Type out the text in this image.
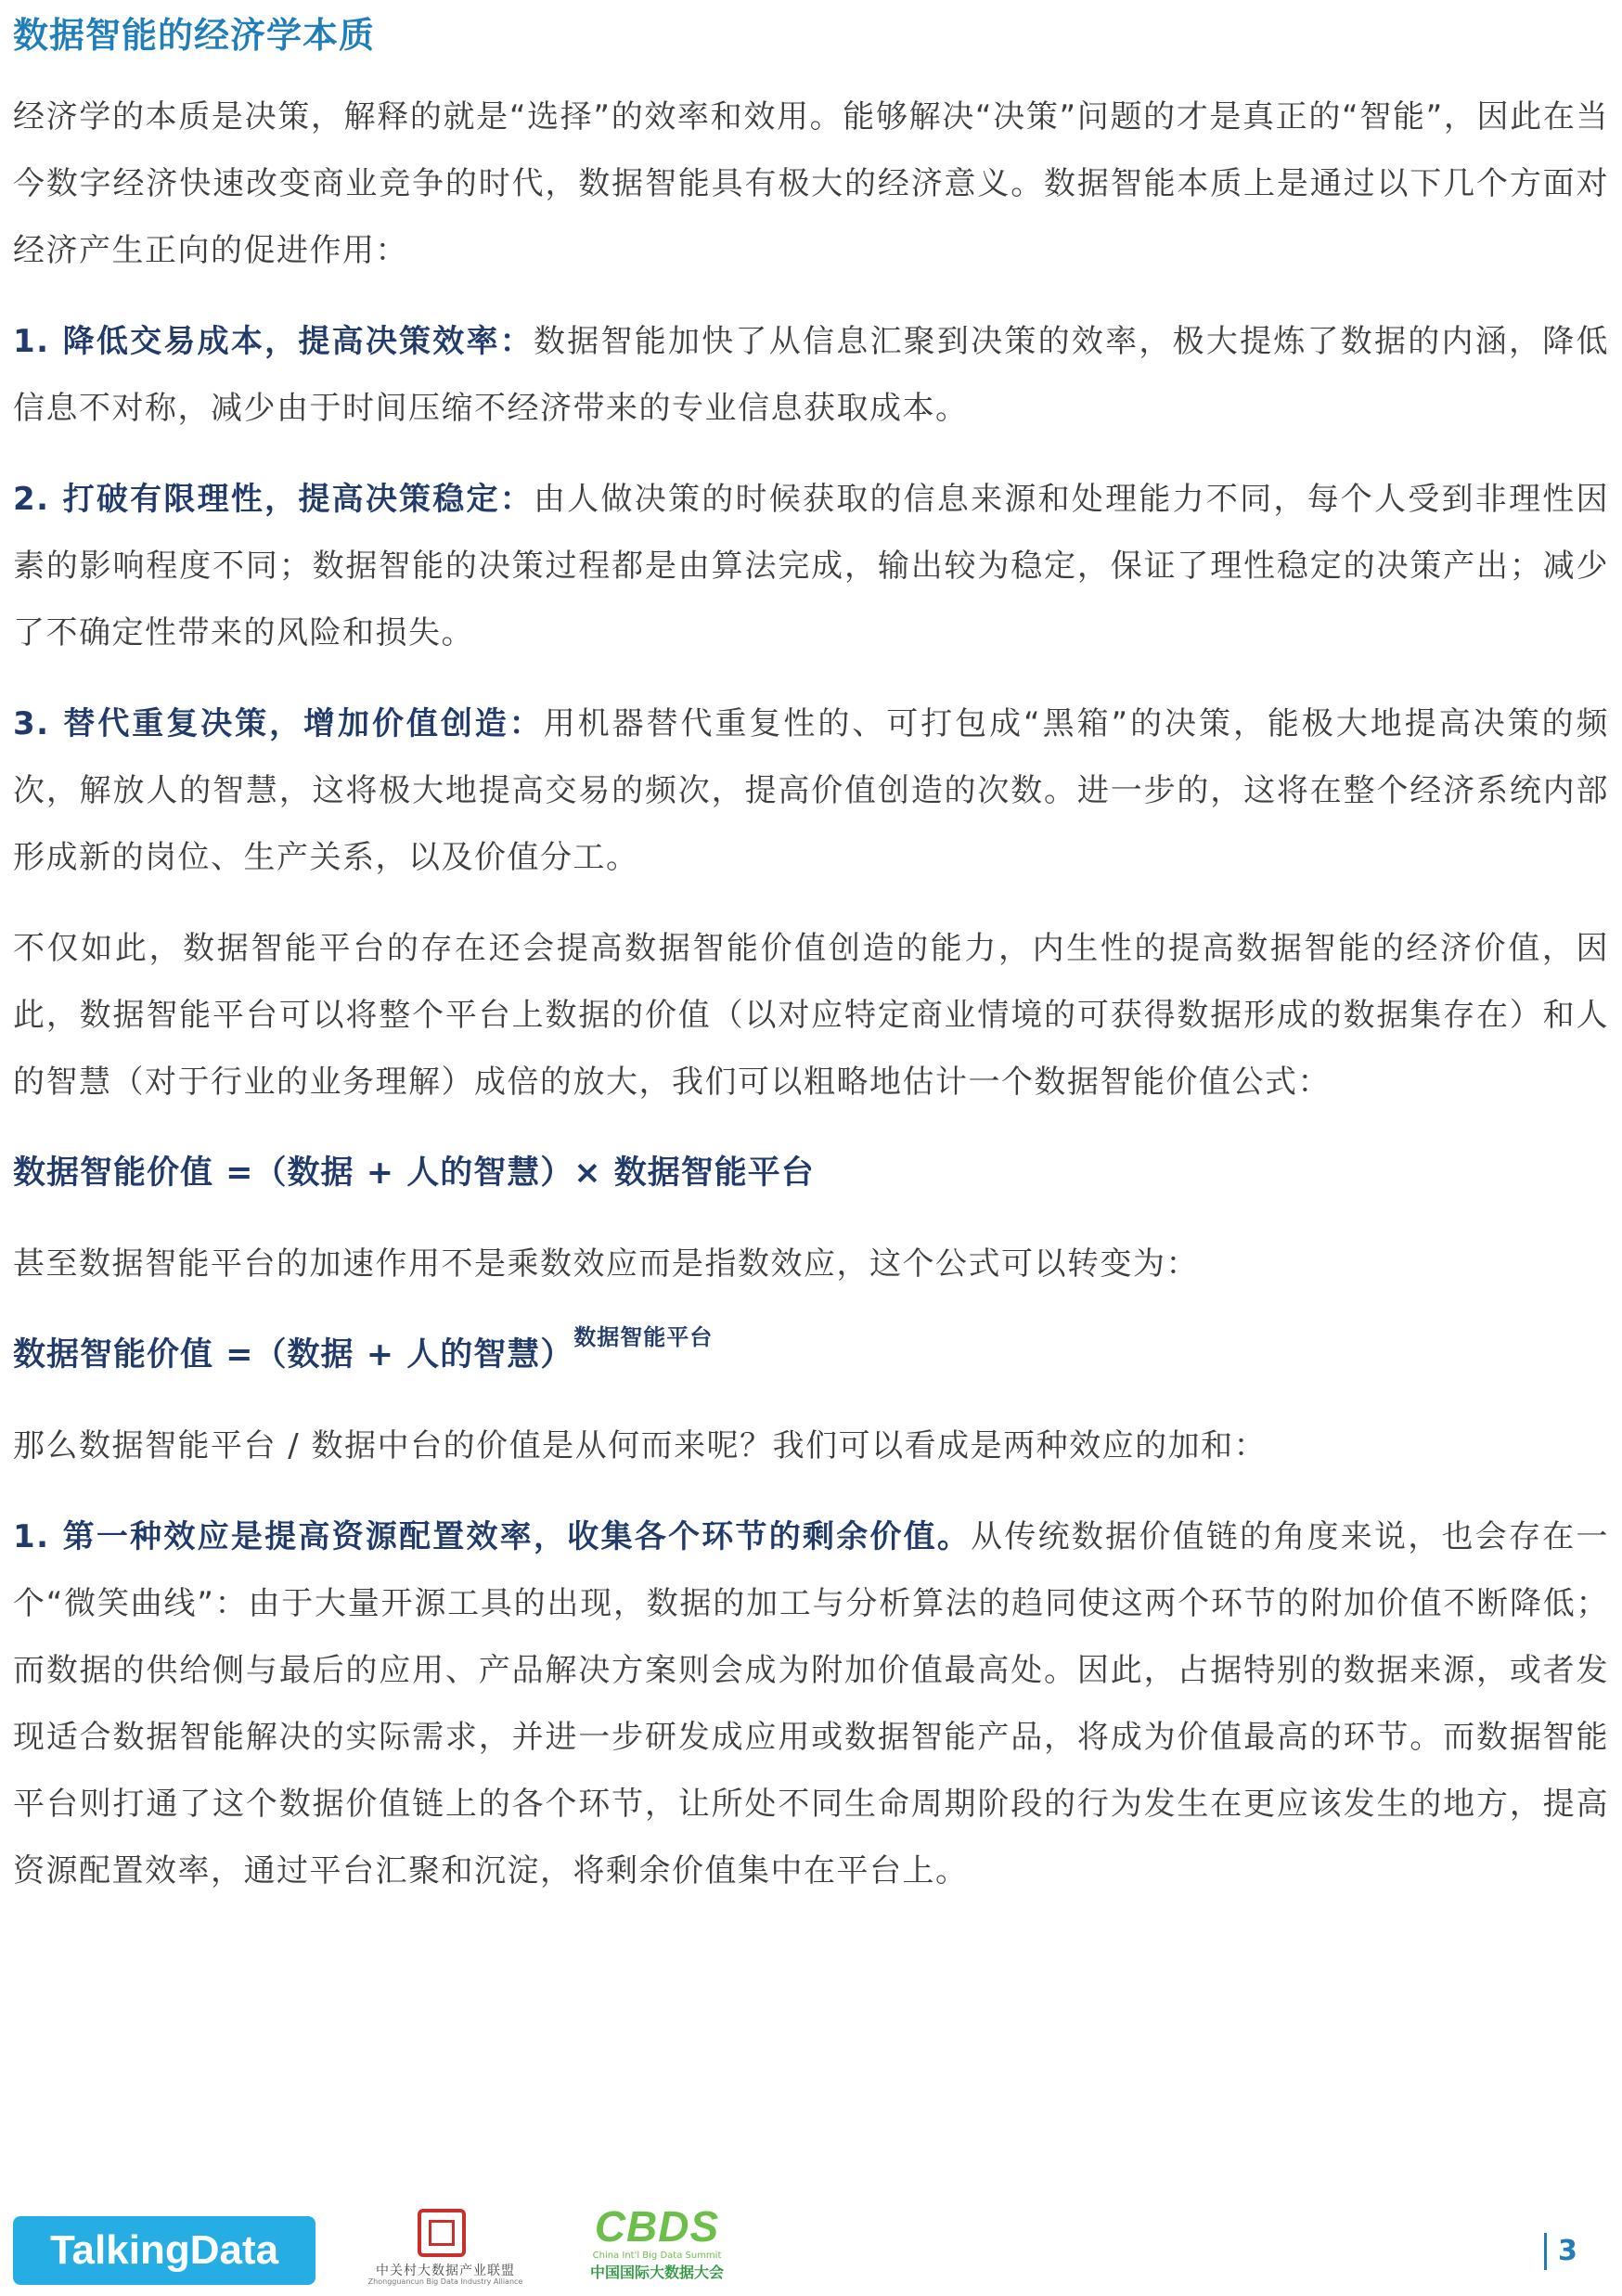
数据智能的经济学本质

经济学的本质是决策，解释的就是“选择”的效率和效用。能够解决“决策”问题的才是真正的“智能”，因此在当今数字经济快速改变商业竞争的时代，数据智能具有极大的经济意义。数据智能本质上是通过以下几个方面对经济产生正向的促进作用：

1. 降低交易成本，提高决策效率：数据智能加快了从信息汇聚到决策的效率，极大提炼了数据的内涵，降低信息不对称，减少由于时间压缩不经济带来的专业信息获取成本。

2. 打破有限理性，提高决策稳定：由人做决策的时候获取的信息来源和处理能力不同，每个人受到非理性因素的影响程度不同；数据智能的决策过程都是由算法完成，输出较为稳定，保证了理性稳定的决策产出；减少了不确定性带来的风险和损失。

3. 替代重复决策，增加价值创造：用机器替代重复性的、可打包成“黑箱”的决策，能极大地提高决策的频次，解放人的智慧，这将极大地提高交易的频次，提高价值创造的次数。进一步的，这将在整个经济系统内部形成新的岗位、生产关系，以及价值分工。

不仅如此，数据智能平台的存在还会提高数据智能价值创造的能力，内生性的提高数据智能的经济价值，因此，数据智能平台可以将整个平台上数据的价值（以对应特定商业情境的可获得数据形成的数据集存在）和人的智慧（对于行业的业务理解）成倍的放大，我们可以粗略地估计一个数据智能价值公式：

数据智能价值 =（数据 + 人的智慧）× 数据智能平台

甚至数据智能平台的加速作用不是乘数效应而是指数效应，这个公式可以转变为：

数据智能价值 =（数据 + 人的智慧）$^{数据智能平台}$

那么数据智能平台 / 数据中台的价值是从何而来呢？我们可以看成是两种效应的加和：

1. 第一种效应是提高资源配置效率，收集各个环节的剩余价值。从传统数据价值链的角度来说，也会存在一个“微笑曲线”：由于大量开源工具的出现，数据的加工与分析算法的趋同使这两个环节的附加价值不断降低；而数据的供给侧与最后的应用、产品解决方案则会成为附加价值最高处。因此，占据特别的数据来源，或者发现适合数据智能解决的实际需求，并进一步研发成应用或数据智能产品，将成为价值最高的环节。而数据智能平台则打通了这个数据价值链上的各个环节，让所处不同生命周期阶段的行为发生在更应该发生的地方，提高资源配置效率，通过平台汇聚和沉淀，将剩余价值集中在平台上。

TalkingData	中关村大数据产业联盟
Zhongguancun Big Data Industry Alliance
CBDS
China Int'l Big Data Summit
中国国际大数据大会
3
